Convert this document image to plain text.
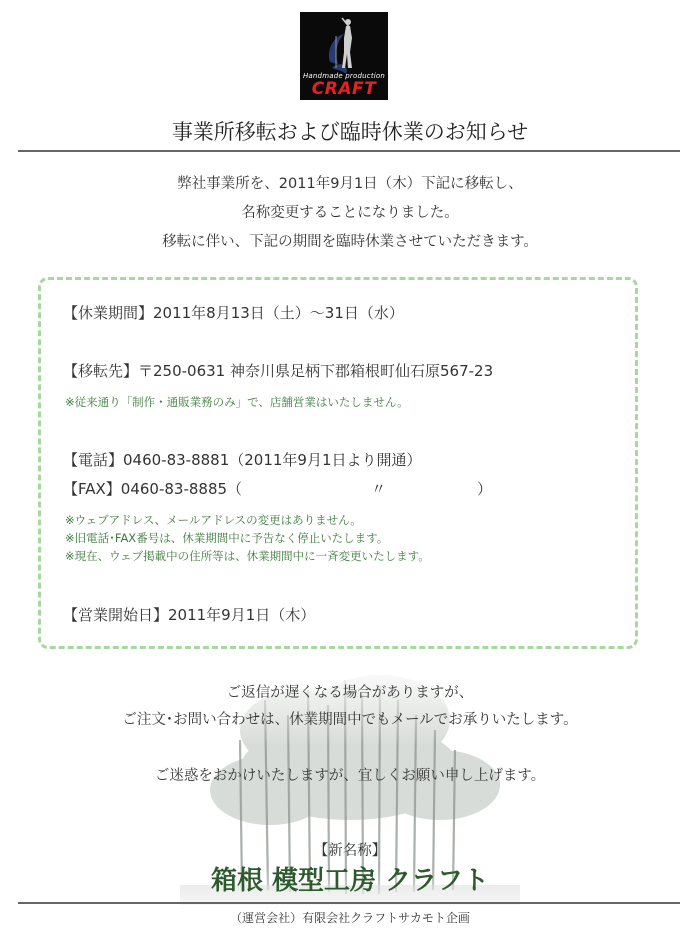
Handmade production
CRAFT
事業所移転および臨時休業のお知らせ
弊社事業所を、2011年9月1日（木）下記に移転し、
名称変更することになりました。
移転に伴い、下記の期間を臨時休業させていただきます。
【休業期間】2011年8月13日（土）～31日（水）
【移転先】〒250-0631 神奈川県足柄下郡箱根町仙石原567-23
※従来通り「制作・通販業務のみ」で、店舗営業はいたしません。
【電話】0460-83-8881（2011年9月1日より開通）
【FAX】0460-83-8885（	〃	）
※ウェブアドレス、メールアドレスの変更はありません。
※旧電話･FAX番号は、休業期間中に予告なく停止いたします。
※現在、ウェブ掲載中の住所等は、休業期間中に一斉変更いたします。
【営業開始日】2011年9月1日（木）
ご返信が遅くなる場合がありますが、
ご注文･お問い合わせは、休業期間中でもメールでお承りいたします。
ご迷惑をおかけいたしますが、宜しくお願い申し上げます。
【新名称】
箱根 模型工房 クラフト
（運営会社）有限会社クラフトサカモト企画
